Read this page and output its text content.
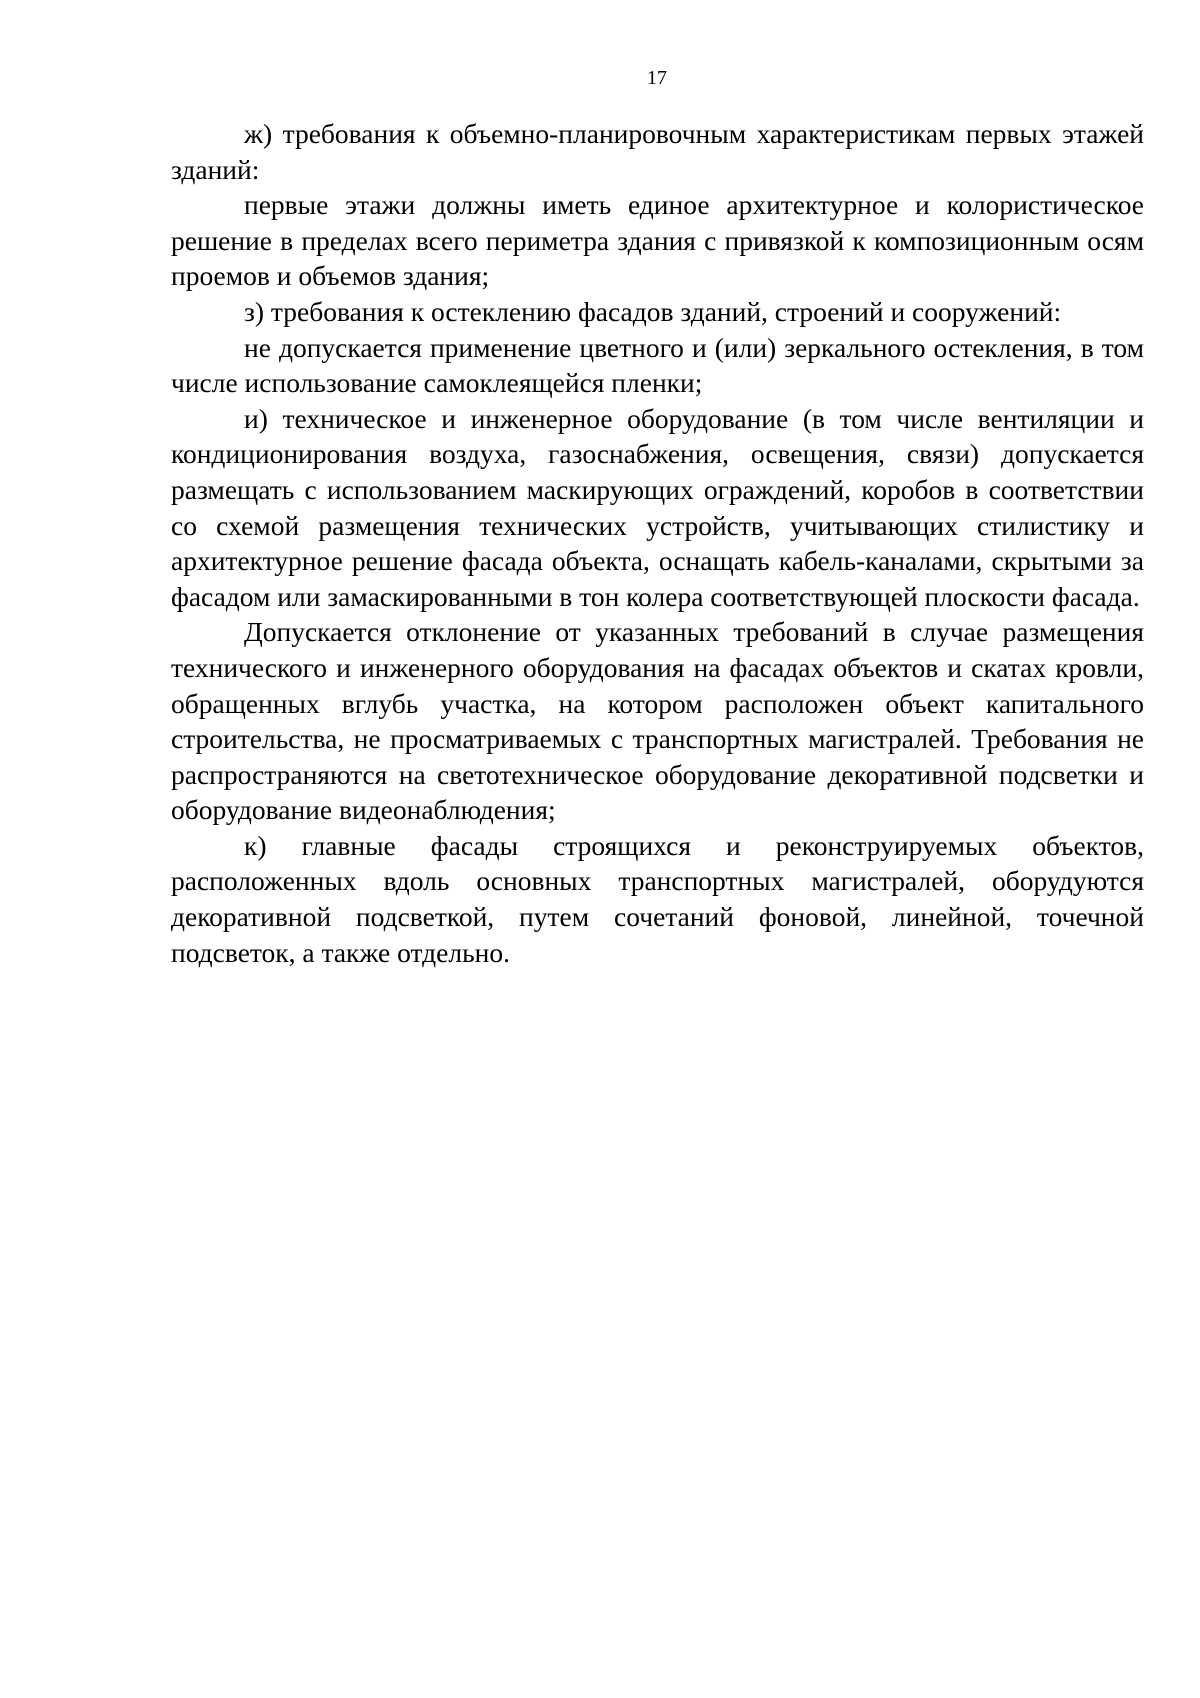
17

ж) требования к объемно-планировочным характеристикам первых этажей зданий:

первые этажи должны иметь единое архитектурное и колористическое решение в пределах всего периметра здания с привязкой к композиционным осям проемов и объемов здания;

з) требования к остеклению фасадов зданий, строений и сооружений:

не допускается применение цветного и (или) зеркального остекления, в том числе использование самоклеящейся пленки;

и) техническое и инженерное оборудование (в том числе вентиляции и кондиционирования воздуха, газоснабжения, освещения, связи) допускается размещать с использованием маскирующих ограждений, коробов в соответствии со схемой размещения технических устройств, учитывающих стилистику и архитектурное решение фасада объекта, оснащать кабель-каналами, скрытыми за фасадом или замаскированными в тон колера соответствующей плоскости фасада.

Допускается отклонение от указанных требований в случае размещения технического и инженерного оборудования на фасадах объектов и скатах кровли, обращенных вглубь участка, на котором расположен объект капитального строительства, не просматриваемых с транспортных магистралей. Требования не распространяются на светотехническое оборудование декоративной подсветки и оборудование видеонаблюдения;

к) главные фасады строящихся и реконструируемых объектов, расположенных вдоль основных транспортных магистралей, оборудуются декоративной подсветкой, путем сочетаний фоновой, линейной, точечной подсветок, а также отдельно.
